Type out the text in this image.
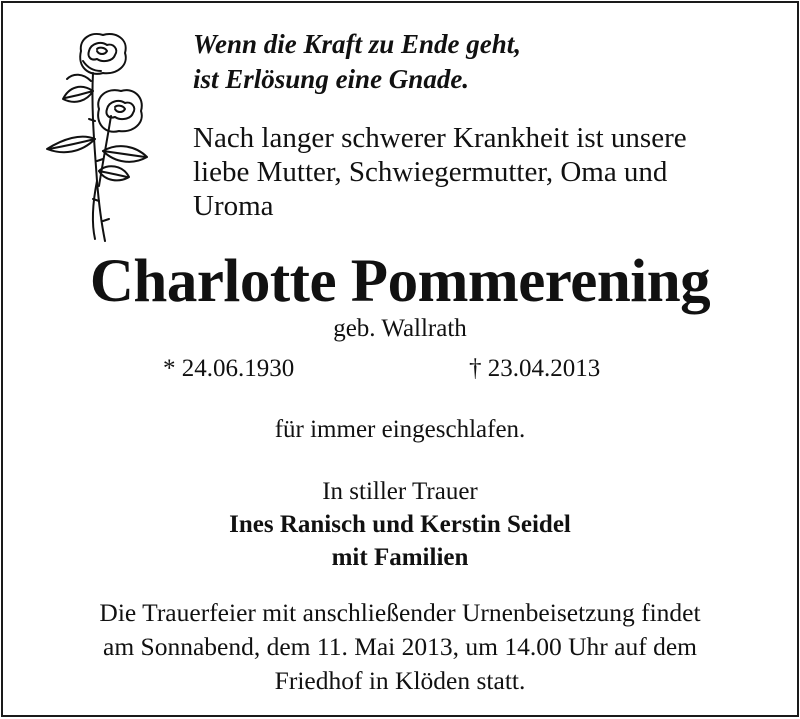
Wenn die Kraft zu Ende geht,
ist Erlösung eine Gnade.
Nach langer schwerer Krankheit ist unsere
liebe Mutter, Schwiegermutter, Oma und
Uroma
Charlotte Pommerening
geb. Wallrath
* 24.06.1930	† 23.04.2013
für immer eingeschlafen.
In stiller Trauer
Ines Ranisch und Kerstin Seidel
mit Familien
Die Trauerfeier mit anschließender Urnenbeisetzung findet
am Sonnabend, dem 11. Mai 2013, um 14.00 Uhr auf dem
Friedhof in Klöden statt.
